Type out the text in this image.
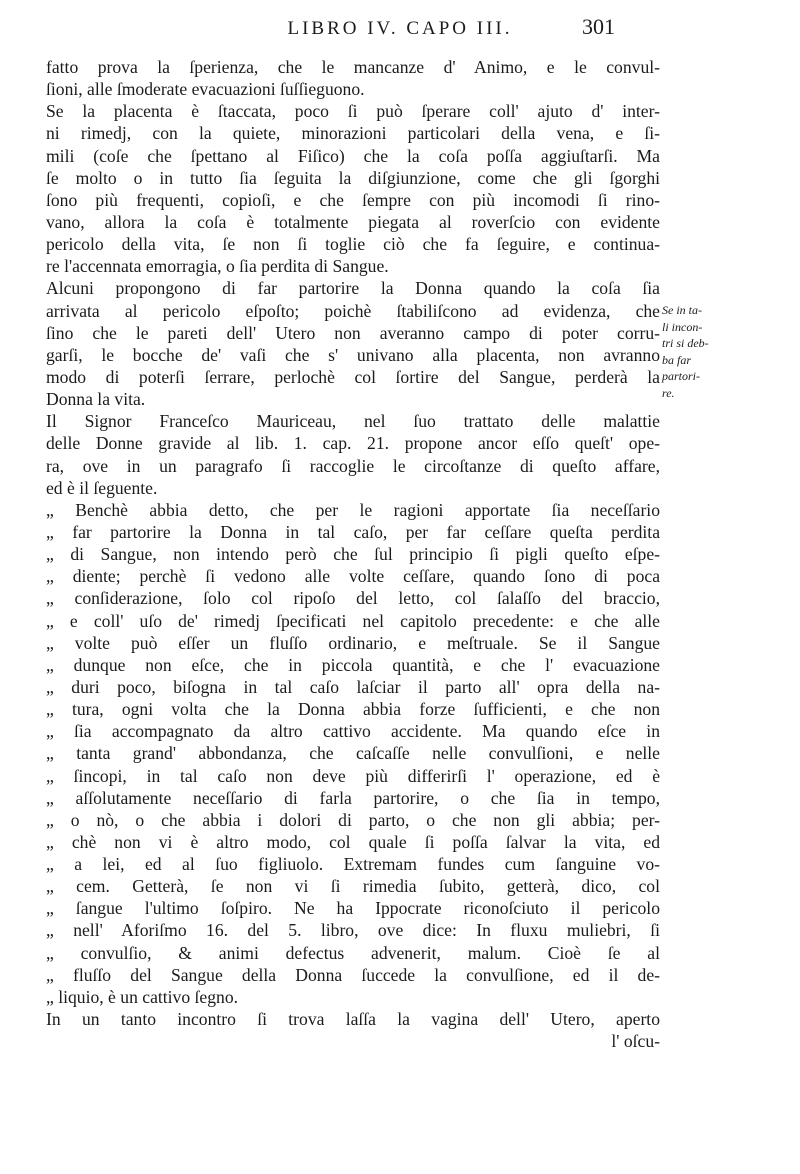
LIBRO IV. CAPO III.	301
fatto prova la ſperienza, che le mancanze d' Animo, e le convul-
ſioni, alle ſmoderate evacuazioni ſuſſieguono.
Se la placenta è ſtaccata, poco ſi può ſperare coll' ajuto d' inter-
ni rimedj, con la quiete, minorazioni particolari della vena, e ſi-
mili (coſe che ſpettano al Fiſico) che la coſa poſſa aggiuſtarſi. Ma
ſe molto o in tutto ſia ſeguita la diſgiunzione, come che gli ſgorghi
ſono più frequenti, copioſi, e che ſempre con più incomodi ſi rino-
vano, allora la coſa è totalmente piegata al roverſcio con evidente
pericolo della vita, ſe non ſi toglie ciò che fa ſeguire, e continua-
re l'accennata emorragia, o ſia perdita di Sangue.
Alcuni propongono di far partorire la Donna quando la coſa ſia
arrivata al pericolo eſpoſto; poichè ſtabiliſcono ad evidenza, che
ſino che le pareti dell' Utero non averanno campo di poter corru-
garſi, le bocche de' vaſi che s' univano alla placenta, non avranno
modo di poterſi ſerrare, perlochè col ſortire del Sangue, perderà la
Donna la vita.
Il Signor Franceſco Mauriceau, nel ſuo trattato delle malattie
delle Donne gravide al lib. 1. cap. 21. propone ancor eſſo queſt' ope-
ra, ove in un paragrafo ſi raccoglie le circoſtanze di queſto affare,
ed è il ſeguente.
„ Benchè abbia detto, che per le ragioni apportate ſia neceſſario
„ far partorire la Donna in tal caſo, per far ceſſare queſta perdita
„ di Sangue, non intendo però che ſul principio ſi pigli queſto eſpe-
„ diente; perchè ſi vedono alle volte ceſſare, quando ſono di poca
„ conſiderazione, ſolo col ripoſo del letto, col ſalaſſo del braccio,
„ e coll' uſo de' rimedj ſpecificati nel capitolo precedente: e che alle
„ volte può eſſer un fluſſo ordinario, e meſtruale. Se il Sangue
„ dunque non eſce, che in piccola quantità, e che l' evacuazione
„ duri poco, biſogna in tal caſo laſciar il parto all' opra della na-
„ tura, ogni volta che la Donna abbia forze ſufficienti, e che non
„ ſia accompagnato da altro cattivo accidente. Ma quando eſce in
„ tanta grand' abbondanza, che caſcaſſe nelle convulſioni, e nelle
„ ſincopi, in tal caſo non deve più differirſi l' operazione, ed è
„ aſſolutamente neceſſario di farla partorire, o che ſia in tempo,
„ o nò, o che abbia i dolori di parto, o che non gli abbia; per-
„ chè non vi è altro modo, col quale ſi poſſa ſalvar la vita, ed
„ a lei, ed al ſuo figliuolo. Extremam fundes cum ſanguine vo-
„ cem. Getterà, ſe non vi ſi rimedia ſubito, getterà, dico, col
„ ſangue l'ultimo ſoſpiro. Ne ha Ippocrate riconoſciuto il pericolo
„ nell' Aforiſmo 16. del 5. libro, ove dice: In fluxu muliebri, ſi
„ convulſio, & animi defectus advenerit, malum. Cioè ſe al
„ fluſſo del Sangue della Donna ſuccede la convulſione, ed il de-
„ liquio, è un cattivo ſegno.
In un tanto incontro ſi trova laſſa la vagina dell' Utero, aperto
l' oſcu-
Se in ta-
li incon-
tri si deb-
ba far
partori-
re.
